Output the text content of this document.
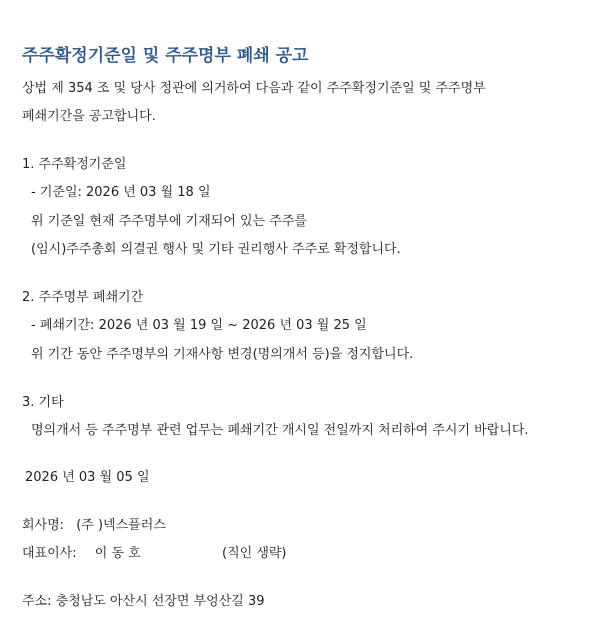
주주확정기준일 및 주주명부 폐쇄 공고
상법 제 354 조 및 당사 정관에 의거하여 다음과 같이 주주확정기준일 및 주주명부
폐쇄기간을 공고합니다.
1. 주주확정기준일
- 기준일: 2026 년 03 월 18 일
위 기준일 현재 주주명부에 기재되어 있는 주주를
(임시)주주총회 의결권 행사 및 기타 권리행사 주주로 확정합니다.
2. 주주명부 폐쇄기간
- 폐쇄기간: 2026 년 03 월 19 일 ~ 2026 년 03 월 25 일
위 기간 동안 주주명부의 기재사항 변경(명의개서 등)을 정지합니다.
3. 기타
명의개서 등 주주명부 관련 업무는 폐쇄기간 개시일 전일까지 처리하여 주시기 바랍니다.
2026 년 03 월 05 일
회사명: (주 )넥스플러스
대표이사: 이 동 호	(직인 생략)
주소: 충청남도 아산시 선장면 부엉산길 39
